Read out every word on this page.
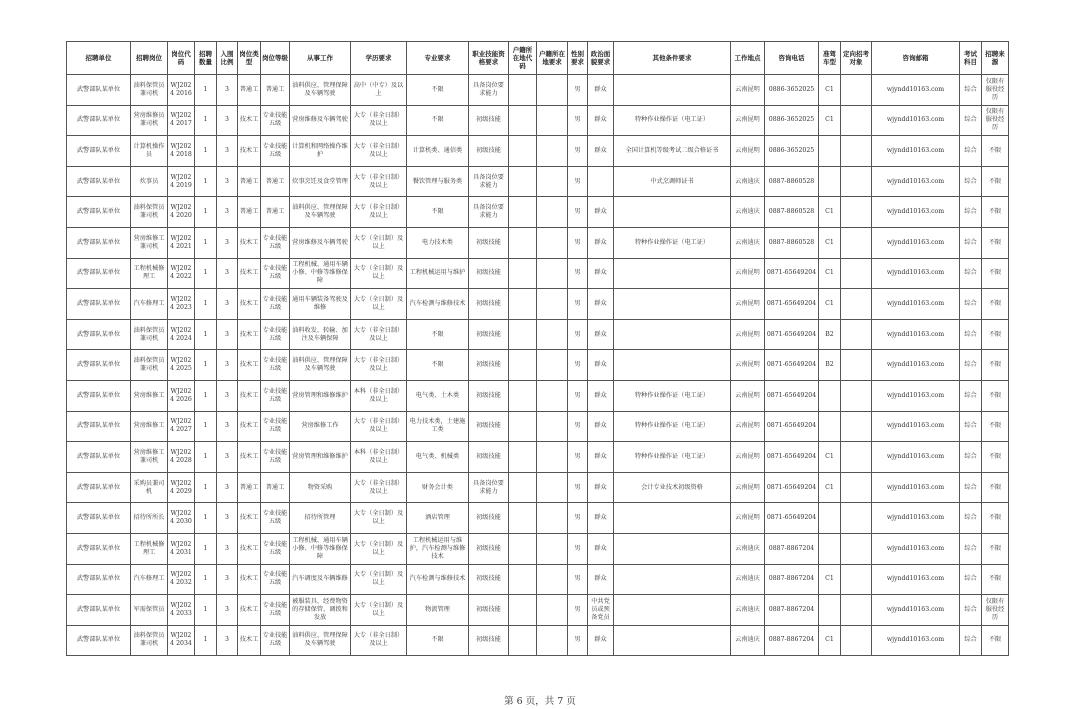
招聘单位	招聘岗位	岗位代码	招聘数量	入围比例	岗位类型	岗位等级	从事工作	学历要求	专业要求	职业技能资格要求	户籍所在地代码	户籍所在地要求	性别要求	政治面貌要求	其他条件要求	工作地点	咨询电话	准驾车型	定向招考对象	咨询邮箱	考试科目	招聘来源
武警部队某单位	油料保管员兼司机	WJ2024 2016	1	3	普通工	普通工	油料供应、管理保障及车辆驾驶	高中（中专）及以上	不限	具备岗位要求能力			男	群众		云南昆明	0886-3652025	C1		wjyndd10163.com	综合	仅限有服役经历
武警部队某单位	营房维修员兼司机	WJ2024 2017	1	3	技术工	专业技能五级	营房维修及车辆驾驶	大专（非全日制）及以上	不限	初级技能			男	群众	特种作业操作证（电工证）	云南昆明	0886-3652025	C1		wjyndd10163.com	综合	仅限有服役经历
武警部队某单位	计算机操作员	WJ2024 2018	1	3	技术工	专业技能五级	计算机和网络操作维护	大专（非全日制）及以上	计算机类、通信类	初级技能			男	群众	全国计算机等级考试二级合格证书	云南昆明	0886-3652025			wjyndd10163.com	综合	不限
武警部队某单位	炊事员	WJ2024 2019	1	3	普通工	普通工	炊事烹饪及食堂管理	大专（非全日制）及以上	餐饮管理与服务类	具备岗位要求能力			男		中式烹调师证书	云南迪庆	0887-8860528			wjyndd10163.com	综合	不限
武警部队某单位	油料保管员兼司机	WJ2024 2020	1	3	普通工	普通工	油料供应、管理保障及车辆驾驶	大专（非全日制）及以上	不限	具备岗位要求能力			男	群众		云南迪庆	0887-8860528	C1		wjyndd10163.com	综合	不限
武警部队某单位	营房维修工兼司机	WJ2024 2021	1	3	技术工	专业技能五级	营房维修及车辆驾驶	大专（全日制）及以上	电力技术类	初级技能			男	群众	特种作业操作证（电工证）	云南迪庆	0887-8860528	C1		wjyndd10163.com	综合	不限
武警部队某单位	工程机械修理工	WJ2024 2022	1	3	技术工	专业技能五级	工程机械、通用车辆小修、中修等维修保障	大专（全日制）及以上	工程机械运用与维护	初级技能			男	群众		云南昆明	0871-65649204	C1		wjyndd10163.com	综合	不限
武警部队某单位	汽车修理工	WJ2024 2023	1	3	技术工	专业技能五级	通用车辆装备驾驶及维修	大专（全日制）及以上	汽车检测与维修技术	初级技能			男	群众		云南昆明	0871-65649204	C1		wjyndd10163.com	综合	不限
武警部队某单位	油料保管员兼司机	WJ2024 2024	1	3	技术工	专业技能五级	油料收发、转输、加注及车辆保障	大专（非全日制）及以上	不限	初级技能			男	群众		云南昆明	0871-65649204	B2		wjyndd10163.com	综合	不限
武警部队某单位	油料保管员兼司机	WJ2024 2025	1	3	技术工	专业技能五级	油料供应、管理保障及车辆驾驶	大专（非全日制）及以上	不限	初级技能			男	群众		云南昆明	0871-65649204	B2		wjyndd10163.com	综合	不限
武警部队某单位	营房维修工	WJ2024 2026	1	3	技术工	专业技能五级	营房管理和维修维护	本科（非全日制）及以上	电气类、土木类	初级技能			男	群众	特种作业操作证（电工证）	云南昆明	0871-65649204			wjyndd10163.com	综合	不限
武警部队某单位	营房维修工	WJ2024 2027	1	3	技术工	专业技能五级	营房维修工作	大专（非全日制）及以上	电力技术类，土建施工类	初级技能			男	群众	特种作业操作证（电工证）	云南昆明	0871-65649204			wjyndd10163.com	综合	不限
武警部队某单位	营房维修工兼司机	WJ2024 2028	1	3	技术工	专业技能五级	营房管理和维修维护	本科（非全日制）及以上	电气类、机械类	初级技能			男	群众	特种作业操作证（电工证）	云南昆明	0871-65649204	C1		wjyndd10163.com	综合	不限
武警部队某单位	采购员兼司机	WJ2024 2029	1	3	普通工	普通工	物资采购	大专（非全日制）及以上	财务会计类	具备岗位要求能力			男	群众	会计专业技术初级资格	云南昆明	0871-65649204	C1		wjyndd10163.com	综合	不限
武警部队某单位	招待所所长	WJ2024 2030	1	3	技术工	专业技能五级	招待所管理	大专（全日制）及以上	酒店管理	初级技能			男	群众		云南昆明	0871-65649204			wjyndd10163.com	综合	不限
武警部队某单位	工程机械修理工	WJ2024 2031	1	3	技术工	专业技能五级	工程机械、通用车辆小修、中修等维修保障	大专（全日制）及以上	工程机械运用与维护，汽车检测与维修技术	初级技能			男	群众		云南迪庆	0887-8867204			wjyndd10163.com	综合	不限
武警部队某单位	汽车修理工	WJ2024 2032	1	3	技术工	专业技能五级	汽车调度及车辆维修	大专（全日制）及以上	汽车检测与维修技术	初级技能			男	群众		云南迪庆	0887-8867204	C1		wjyndd10163.com	综合	不限
武警部队某单位	军需保管员	WJ2024 2033	1	3	技术工	专业技能五级	被服装具、经费物资的存储保管、调拨和发放	大专（全日制）及以上	物流管理	初级技能			男	中共党员或预备党员		云南迪庆	0887-8867204			wjyndd10163.com	综合	仅限有服役经历
武警部队某单位	油料保管员兼司机	WJ2024 2034	1	3	技术工	专业技能五级	油料供应、管理保障及车辆驾驶	大专（非全日制）及以上	不限	初级技能			男	群众		云南迪庆	0887-8867204	C1		wjyndd10163.com	综合	不限
第 6 页，共 7 页
